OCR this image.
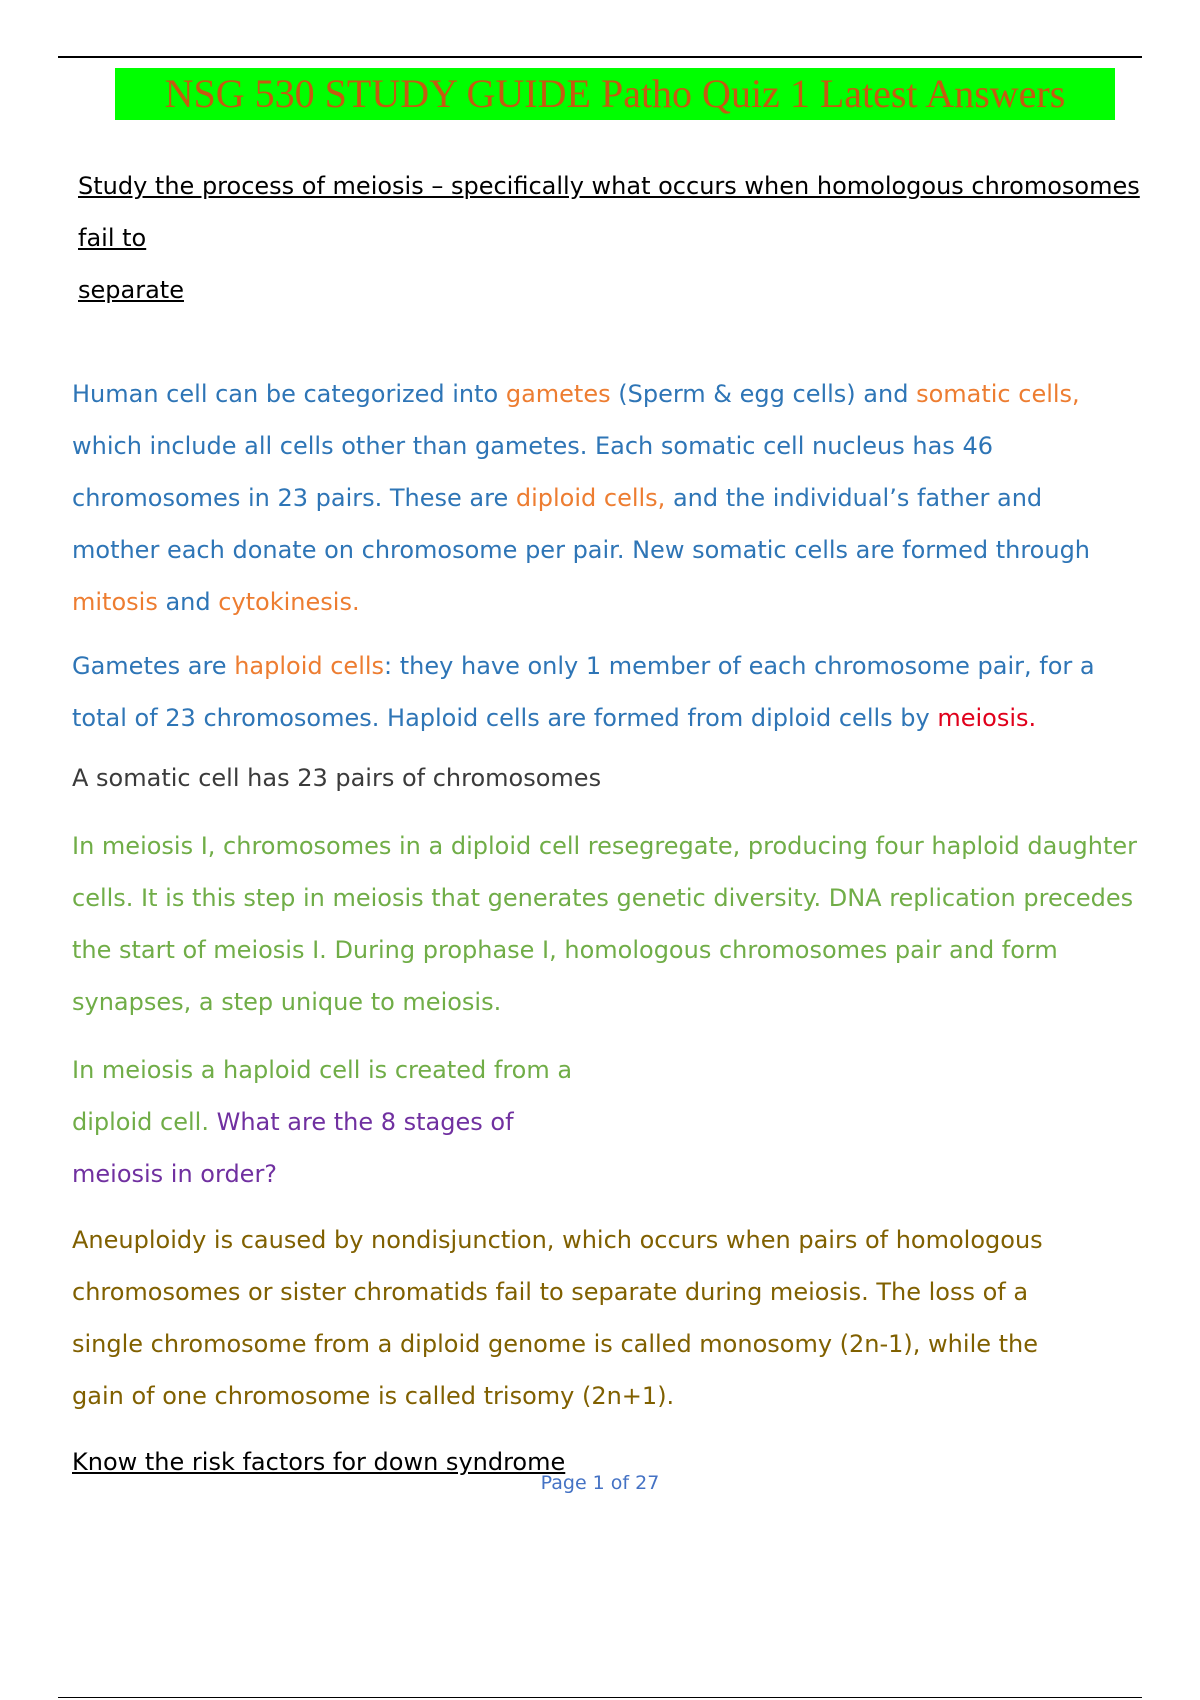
NSG 530 STUDY GUIDE Patho Quiz 1 Latest Answers
Study the process of meiosis – specifically what occurs when homologous chromosomes fail to
separate

Human cell can be categorized into gametes (Sperm & egg cells) and somatic cells, which include all cells other than gametes. Each somatic cell nucleus has 46 chromosomes in 23 pairs. These are diploid cells, and the individual’s father and mother each donate on chromosome per pair. New somatic cells are formed through mitosis and cytokinesis.

Gametes are haploid cells: they have only 1 member of each chromosome pair, for a total of 23 chromosomes. Haploid cells are formed from diploid cells by meiosis.

A somatic cell has 23 pairs of chromosomes

In meiosis I, chromosomes in a diploid cell resegregate, producing four haploid daughter cells. It is this step in meiosis that generates genetic diversity. DNA replication precedes the start of meiosis I. During prophase I, homologous chromosomes pair and form synapses, a step unique to meiosis.

In meiosis a haploid cell is created from a
diploid cell. What are the 8 stages of
meiosis in order?

Aneuploidy is caused by nondisjunction, which occurs when pairs of homologous chromosomes or sister chromatids fail to separate during meiosis. The loss of a single chromosome from a diploid genome is called monosomy (2n-1), while the gain of one chromosome is called trisomy (2n+1).

Know the risk factors for down syndrome

Page 1 of 27
